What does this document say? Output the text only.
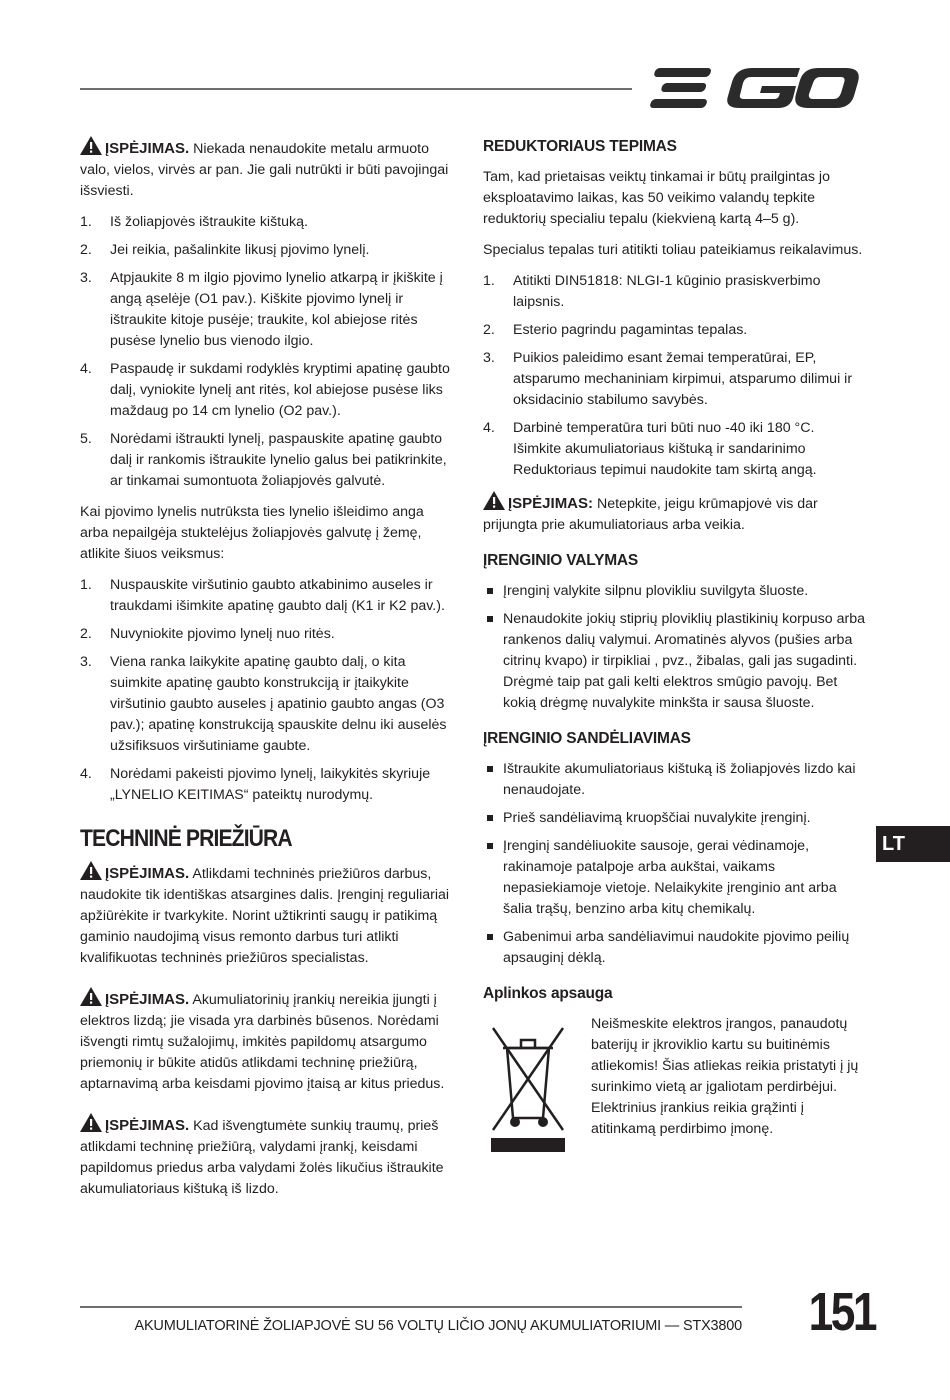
ĮSPĖJIMAS. Niekada nenaudokite metalu armuoto valo, vielos, virvės ar pan. Jie gali nutrūkti ir būti pavojingai išsviesti.
1. Iš žoliapjovės ištraukite kištuką.
2. Jei reikia, pašalinkite likusį pjovimo lynelį.
3. Atpjaukite 8 m ilgio pjovimo lynelio atkarpą ir įkiškite į angą ąselėje (O1 pav.). Kiškite pjovimo lynelį ir ištraukite kitoje pusėje; traukite, kol abiejose ritės pusėse lynelio bus vienodo ilgio.
4. Paspaudę ir sukdami rodyklės kryptimi apatinę gaubto dalį, vyniokite lynelį ant ritės, kol abiejose pusėse liks maždaug po 14 cm lynelio (O2 pav.).
5. Norėdami ištraukti lynelį, paspauskite apatinę gaubto dalį ir rankomis ištraukite lynelio galus bei patikrinkite, ar tinkamai sumontuota žoliapjovės galvutė.

Kai pjovimo lynelis nutrūksta ties lynelio išleidimo anga arba nepailgėja stuktelėjus žoliapjovės galvutę į žemę, atlikite šiuos veiksmus:

1. Nuspauskite viršutinio gaubto atkabinimo auseles ir traukdami išimkite apatinę gaubto dalį (K1 ir K2 pav.).
2. Nuvyniokite pjovimo lynelį nuo ritės.
3. Viena ranka laikykite apatinę gaubto dalį, o kita suimkite apatinę gaubto konstrukciją ir įtaikykite viršutinio gaubto auseles į apatinio gaubto angas (O3 pav.); apatinę konstrukciją spauskite delnu iki auselės užsifiksuos viršutiniame gaubte.
4. Norėdami pakeisti pjovimo lynelį, laikykitės skyriuje „LYNELIO KEITIMAS“ pateiktų nurodymų.
TECHNINĖ PRIEŽIŪRA
ĮSPĖJIMAS. Atlikdami techninės priežiūros darbus, naudokite tik identiškas atsargines dalis. Įrenginį reguliariai apžiūrėkite ir tvarkykite. Norint užtikrinti saugų ir patikimą gaminio naudojimą visus remonto darbus turi atlikti kvalifikuotas techninės priežiūros specialistas.
ĮSPĖJIMAS. Akumuliatorinių įrankių nereikia įjungti į elektros lizdą; jie visada yra darbinės būsenos. Norėdami išvengti rimtų sužalojimų, imkitės papildomų atsargumo priemonių ir būkite atidūs atlikdami techninę priežiūrą, aptarnavimą arba keisdami pjovimo įtaisą ar kitus priedus.
ĮSPĖJIMAS. Kad išvengtumėte sunkių traumų, prieš atlikdami techninę priežiūrą, valydami įrankį, keisdami papildomus priedus arba valydami žolės likučius ištraukite akumuliatoriaus kištuką iš lizdo.
REDUKTORIAUS TEPIMAS

Tam, kad prietaisas veiktų tinkamai ir būtų prailgintas jo eksploatavimo laikas, kas 50 veikimo valandų tepkite reduktorių specialiu tepalu (kiekvieną kartą 4–5 g).

Specialus tepalas turi atitikti toliau pateikiamus reikalavimus.

1. Atitikti DIN51818: NLGI-1 kūginio prasiskverbimo laipsnis.
2. Esterio pagrindu pagamintas tepalas.
3. Puikios paleidimo esant žemai temperatūrai, EP, atsparumo mechaniniam kirpimui, atsparumo dilimui ir oksidacinio stabilumo savybės.
4. Darbinė temperatūra turi būti nuo -40 iki 180 °C. Išimkite akumuliatoriaus kištuką ir sandarinimo Reduktoriaus tepimui naudokite tam skirtą angą.
ĮSPĖJIMAS: Netepkite, jeigu krūmapjovė vis dar prijungta prie akumuliatoriaus arba veikia.
ĮRENGINIO VALYMAS
Įrenginį valykite silpnu plovikliu suvilgyta šluoste.
Nenaudokite jokių stiprių ploviklių plastikinių korpuso arba rankenos dalių valymui. Aromatinės alyvos (pušies arba citrinų kvapo) ir tirpikliai , pvz., žibalas, gali jas sugadinti. Drėgmė taip pat gali kelti elektros smūgio pavojų. Bet kokią drėgmę nuvalykite minkšta ir sausa šluoste.
ĮRENGINIO SANDĖLIAVIMAS
Ištraukite akumuliatoriaus kištuką iš žoliapjovės lizdo kai nenaudojate.
Prieš sandėliavimą kruopščiai nuvalykite įrenginį.
Įrenginį sandėliuokite sausoje, gerai vėdinamoje, rakinamoje patalpoje arba aukštai, vaikams nepasiekiamoje vietoje. Nelaikykite įrenginio ant arba šalia trąšų, benzino arba kitų chemikalų.
Gabenimui arba sandėliavimui naudokite pjovimo peilių apsauginį dėklą.
Aplinkos apsauga
Neišmeskite elektros įrangos, panaudotų baterijų ir įkroviklio kartu su buitinėmis atliekomis! Šias atliekas reikia pristatyti į jų surinkimo vietą ar įgaliotam perdirbėjui. Elektrinius įrankius reikia grąžinti į atitinkamą perdirbimo įmonę.
LT
AKUMULIATORINĖ ŽOLIAPJOVĖ SU 56 VOLTŲ LIČIO JONŲ AKUMULIATORIUMI — STX3800 151
